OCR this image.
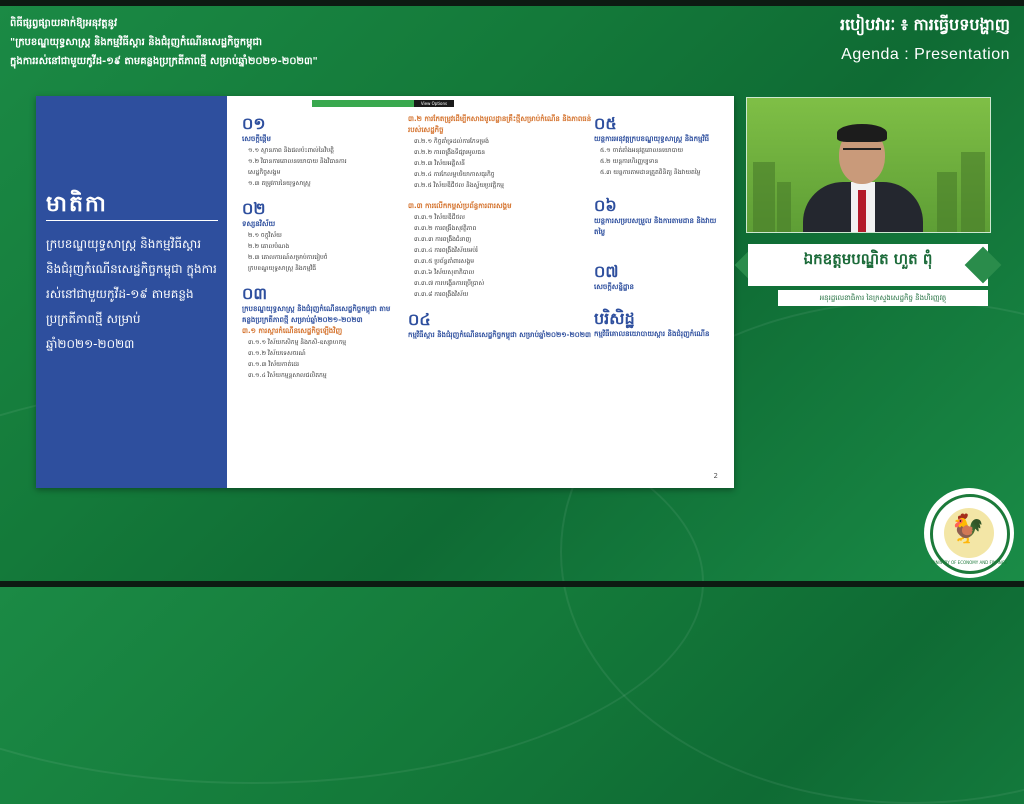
ពិធីផ្សព្វផ្សាយដាក់ឱ្យអនុវត្តនូវ
"ក្របខណ្ឌយុទ្ធសាស្ត្រ និងកម្មវិធីស្តារ និងជំរុញកំណើនសេដ្ឋកិច្ចកម្ពុជា
ក្នុងការរស់នៅជាមួយកូវីដ-១៩ តាមគន្លងប្រក្រតីភាពថ្មី សម្រាប់ឆ្នាំ២០២១-២០២៣"
របៀបវារៈ ៖ ការធ្វើបទបង្ហាញ
Agenda : Presentation
មាតិកា
ក្របខណ្ឌយុទ្ធសាស្ត្រ និងកម្មវិធីស្តារ និងជំរុញកំណើនសេដ្ឋកិច្ចកម្ពុជា ក្នុងការរស់នៅជាមួយកូវីដ-១៩ តាមគន្លងប្រក្រតីភាពថ្មី សម្រាប់ឆ្នាំ២០២១-២០២៣
You are viewing Zoom
View Options
០១
សេចក្តីផ្តើម
១.១ ស្ថានភាព និងផលប៉ះពាល់នៃវិបត្តិ
១.២ វិធានការគោលនយោបាយ និងវិធានការ
សេដ្ឋកិច្ចសង្គម
១.៣ តម្រូវការនៃយុទ្ធសាស្ត្រ
០២
ទស្សនវិស័យ
២.១ ចក្ខុវិស័យ
២.២ គោលបំណង
២.៣ គោលការណ៍សម្រាប់ការរៀបចំ
ក្របខណ្ឌយុទ្ធសាស្ត្រ និងកម្មវិធី
០៣
ក្របខណ្ឌយុទ្ធសាស្ត្រ និងជំរុញកំណើនសេដ្ឋកិច្ចកម្ពុជា តាមគន្លងប្រក្រតីភាពថ្មី សម្រាប់ឆ្នាំ២០២១-២០២៣
៣.១ ការស្តារកំណើនសេដ្ឋកិច្ចឡើងវិញ
៣.១.១ វិស័យកសិកម្ម និងកសិ-ឧស្សាហកម្ម
៣.១.២ វិស័យទេសចរណ៍
៣.១.៣ វិស័យកាត់ដេរ
៣.១.៤ វិស័យកម្មន្តសាលផលិតកម្ម
៣.២ ការកែតម្រូវដើម្បីកសាងមូលដ្ឋានគ្រឹះថ្មីសម្រាប់កំណើន និងភាពធន់ របស់សេដ្ឋកិច្ច
៣.២.១ កិច្ចគាំទ្រដល់ការកែទម្រង់
៣.២.២ ការពង្រឹងទីផ្សារមូលធន
៣.២.៣ វិស័យអគ្គិសនី
៣.២.៤ ការកែលម្អបរិយាកាសធុរកិច្ច
៣.២.៥ វិស័យឌីជីថល និងស្វ័យប្រវត្តិកម្ម
៣.៣ ការលើកកម្ពស់ប្រព័ន្ធការពារសង្គម
៣.៣.១ វិស័យឌីជីថល
៣.៣.២ ការពង្រឹងសុវត្ថិភាព
៣.៣.៣ ការពង្រឹងជំនាញ
៣.៣.៤ ការពង្រឹងវិស័យអប់រំ
៣.៣.៥ ប្រព័ន្ធគាំពារសង្គម
៣.៣.៦ វិស័យសុខាភិបាល
៣.៣.៧ ការបង្កើនការប្រើប្រាស់
៣.៣.៨ ការពង្រឹងវិស័យ
០៤
កម្មវិធីស្តារ និងជំរុញកំណើនសេដ្ឋកិច្ចកម្ពុជា សម្រាប់ឆ្នាំ២០២១-២០២៣
០៥
យន្តការអនុវត្តក្របខណ្ឌយុទ្ធសាស្ត្រ និងកម្មវិធី
៥.១ ចាត់តាំងអនុវត្តគោលនយោបាយ
៥.២ យន្តការហិរញ្ញប្បទាន
៥.៣ យន្តការតាមដានត្រួតពិនិត្យ និងវាយតម្លៃ
០៦
យន្តការសម្របសម្រួល និងការតាមដាន និងវាយតម្លៃ
០៧
សេចក្តីសន្និដ្ឋាន
បរិសិដ្ឋ
កម្មវិធីគោលនយោបាយស្តារ និងជំរុញកំណើន
2
ឯកឧត្តមបណ្ឌិត ហួត ពុំ
អនុរដ្ឋលេខាធិការ នៃក្រសួងសេដ្ឋកិច្ច និងហិរញ្ញវត្ថុ
🐓
MINISTRY OF ECONOMY AND FINANCE
